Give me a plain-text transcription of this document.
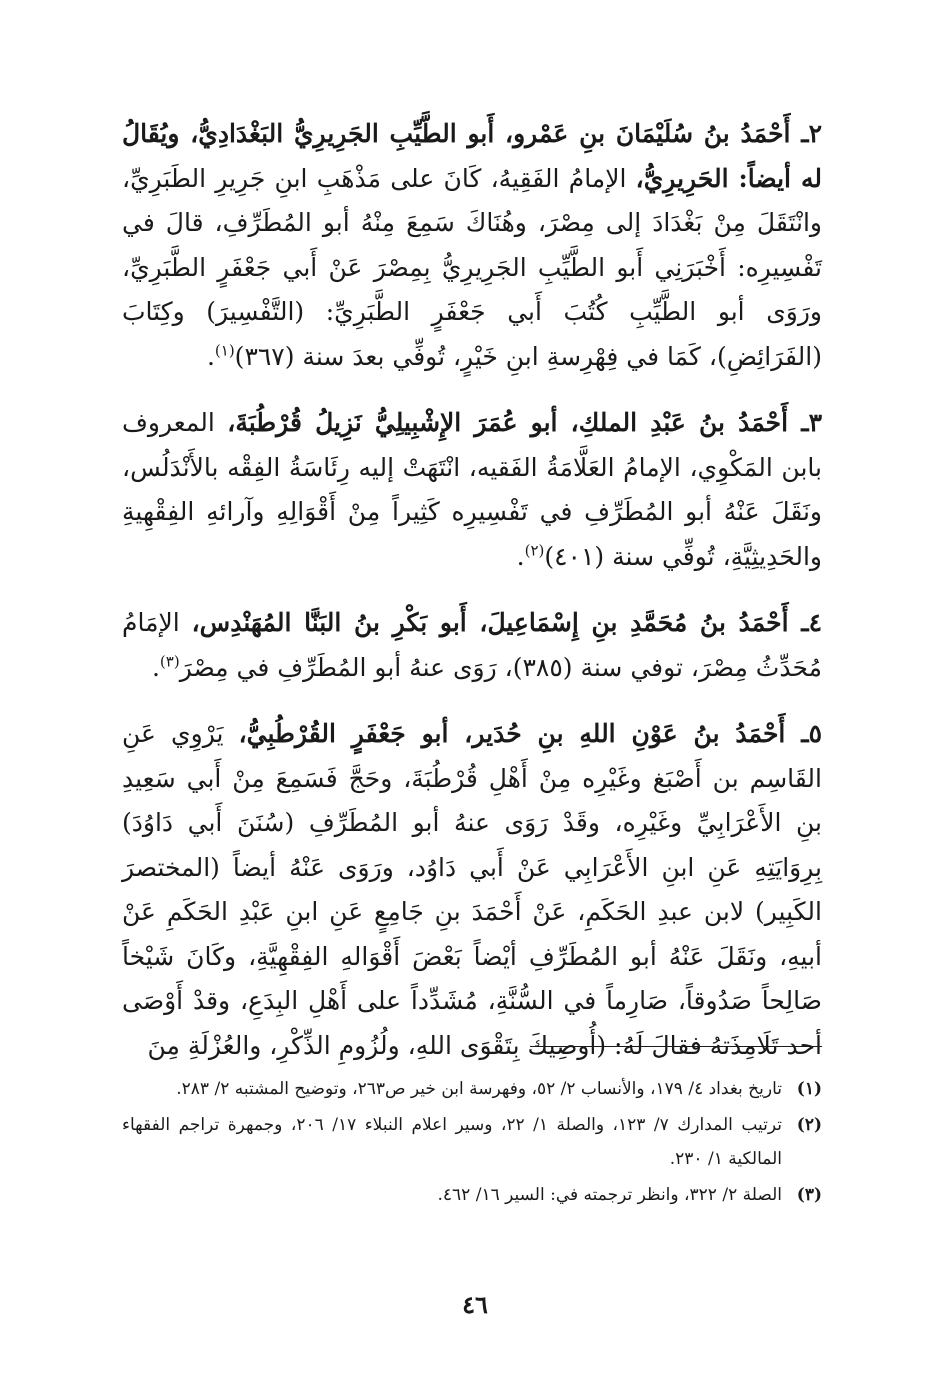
٢ـ أَحْمَدُ بنُ سُلَيْمَانَ بنِ عَمْرو، أَبو الطَّيِّبِ الجَرِيرِيُّ البَغْدَادِيُّ، ويُقَالُ له أيضاً: الحَرِيرِيُّ، الإمامُ الفَقِيهُ، كَانَ على مَذْهَبِ ابنِ جَرِيرِ الطَبَرِيِّ، وانْتَقَلَ مِنْ بَغْدَادَ إلى مِصْرَ، وهُنَاكَ سَمِعَ مِنْهُ أبو المُطَرِّفِ، قالَ في تَفْسِيرِه: أَخْبَرَنِي أَبو الطَّيِّبِ الجَرِيرِيُّ بِمِصْرَ عَنْ أَبي جَعْفَرٍ الطَّبَرِيِّ، ورَوَى أبو الطَّيِّبِ كُتُبَ أَبي جَعْفَرٍ الطَّبَرِيِّ: (التَّفْسِيرَ) وكِتَابَ (الفَرَائِضِ)، كَمَا في فِهْرِسةِ ابنِ خَيْرٍ، تُوفِّي بعدَ سنة (٣٦٧)$^{(١)}$.

٣ـ أَحْمَدُ بنُ عَبْدِ الملكِ، أبو عُمَرَ الإِشْبِيلِيُّ نَزِيلُ قُرْطُبَةَ، المعروف بابن المَكْوِي، الإمامُ العَلَّامَةُ الفَقيه، انْتَهَتْ إليه رِئَاسَةُ الفِقْه بالأَنْدَلُس، ونَقَلَ عَنْهُ أبو المُطَرِّفِ في تَفْسِيرِه كَثِيراً مِنْ أَقْوَالِهِ وآرائهِ الفِقْهِيةِ والحَدِيثِيَّةِ، تُوفِّي سنة (٤٠١)$^{(٢)}$.

٤ـ أَحْمَدُ بنُ مُحَمَّدِ بنِ إِسْمَاعِيلَ، أَبو بَكْرِ بنُ البَنَّا المُهَنْدِس، الإمَامُ مُحَدِّثُ مِصْرَ، توفي سنة (٣٨٥)، رَوَى عنهُ أبو المُطَرِّفِ في مِصْرَ$^{(٣)}$.

٥ـ أَحْمَدُ بنُ عَوْنِ اللهِ بنِ حُدَير، أبو جَعْفَرٍ القُرْطُبِيُّ، يَرْوِي عَنِ القَاسِم بن أَصْبَغ وغَيْرِه مِنْ أَهْلِ قُرْطُبَةَ، وحَجَّ فَسَمِعَ مِنْ أَبي سَعِيدِ بنِ الأَعْرَابِيِّ وغَيْرِه، وقَدْ رَوَى عنهُ أبو المُطَرِّفِ (سُنَنَ أَبي دَاوُدَ) بِرِوَايَتِهِ عَنِ ابنِ الأَعْرَابِي عَنْ أَبي دَاوُد، ورَوَى عَنْهُ أيضاً (المختصرَ الكَبِير) لابن عبدِ الحَكَمِ، عَنْ أَحْمَدَ بنِ جَامِعٍ عَنِ ابنِ عَبْدِ الحَكَمِ عَنْ أبيهِ، ونَقَلَ عَنْهُ أبو المُطَرِّفِ أيْضاً بَعْضَ أَقْوَالهِ الفِقْهِيَّةِ، وكَانَ شَيْخاً صَالِحاً صَدُوقاً، صَارِماً في السُّنَّةِ، مُشَدِّداً على أَهْلِ البِدَعِ، وقدْ أَوْصَى أحد تَلَامِذَتهُ فقالَ لَهُ: (أُوصِيكَ بِتَقْوَى اللهِ، ولُزُومِ الذِّكْرِ، والعُزْلَةِ مِنَ

(١)
تاريخ بغداد ٤/ ١٧٩، والأنساب ٢/ ٥٢، وفهرسة ابن خير ص٢٦٣، وتوضيح المشتبه ٢/ ٢٨٣.
(٢)
ترتيب المدارك ٧/ ١٢٣، والصلة ١/ ٢٢، وسير اعلام النبلاء ١٧/ ٢٠٦، وجمهرة تراجم الفقهاء المالكية ١/ ٢٣٠.
(٣)
الصلة ٢/ ٣٢٢، وانظر ترجمته في: السير ١٦/ ٤٦٢.
٤٦
